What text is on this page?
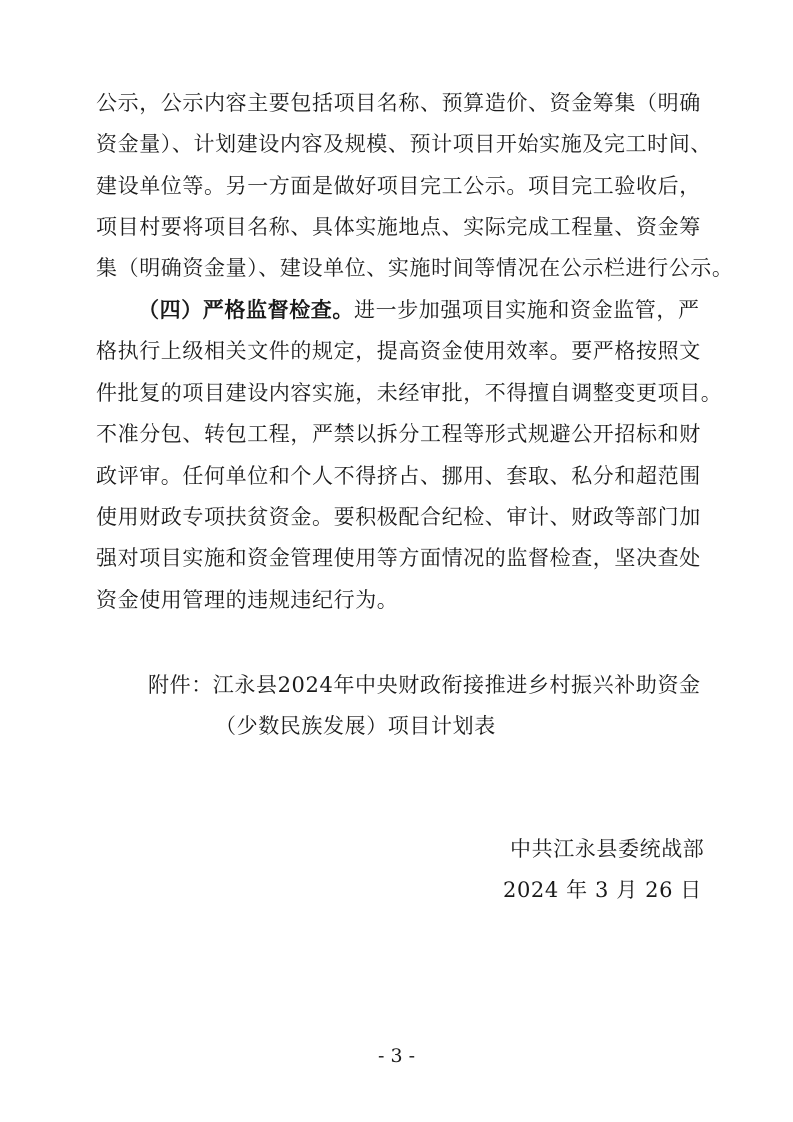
公示，公示内容主要包括项目名称、预算造价、资金筹集（明确
资金量）、计划建设内容及规模、预计项目开始实施及完工时间、
建设单位等。另一方面是做好项目完工公示。项目完工验收后，
项目村要将项目名称、具体实施地点、实际完成工程量、资金筹
集（明确资金量）、建设单位、实施时间等情况在公示栏进行公示。
（四）严格监督检查。进一步加强项目实施和资金监管，严
格执行上级相关文件的规定，提高资金使用效率。要严格按照文
件批复的项目建设内容实施，未经审批，不得擅自调整变更项目。
不准分包、转包工程，严禁以拆分工程等形式规避公开招标和财
政评审。任何单位和个人不得挤占、挪用、套取、私分和超范围
使用财政专项扶贫资金。要积极配合纪检、审计、财政等部门加
强对项目实施和资金管理使用等方面情况的监督检查，坚决查处
资金使用管理的违规违纪行为。
附件：江永县2024年中央财政衔接推进乡村振兴补助资金
（少数民族发展）项目计划表
中共江永县委统战部
2024 年 3 月 26 日
- 3 -
